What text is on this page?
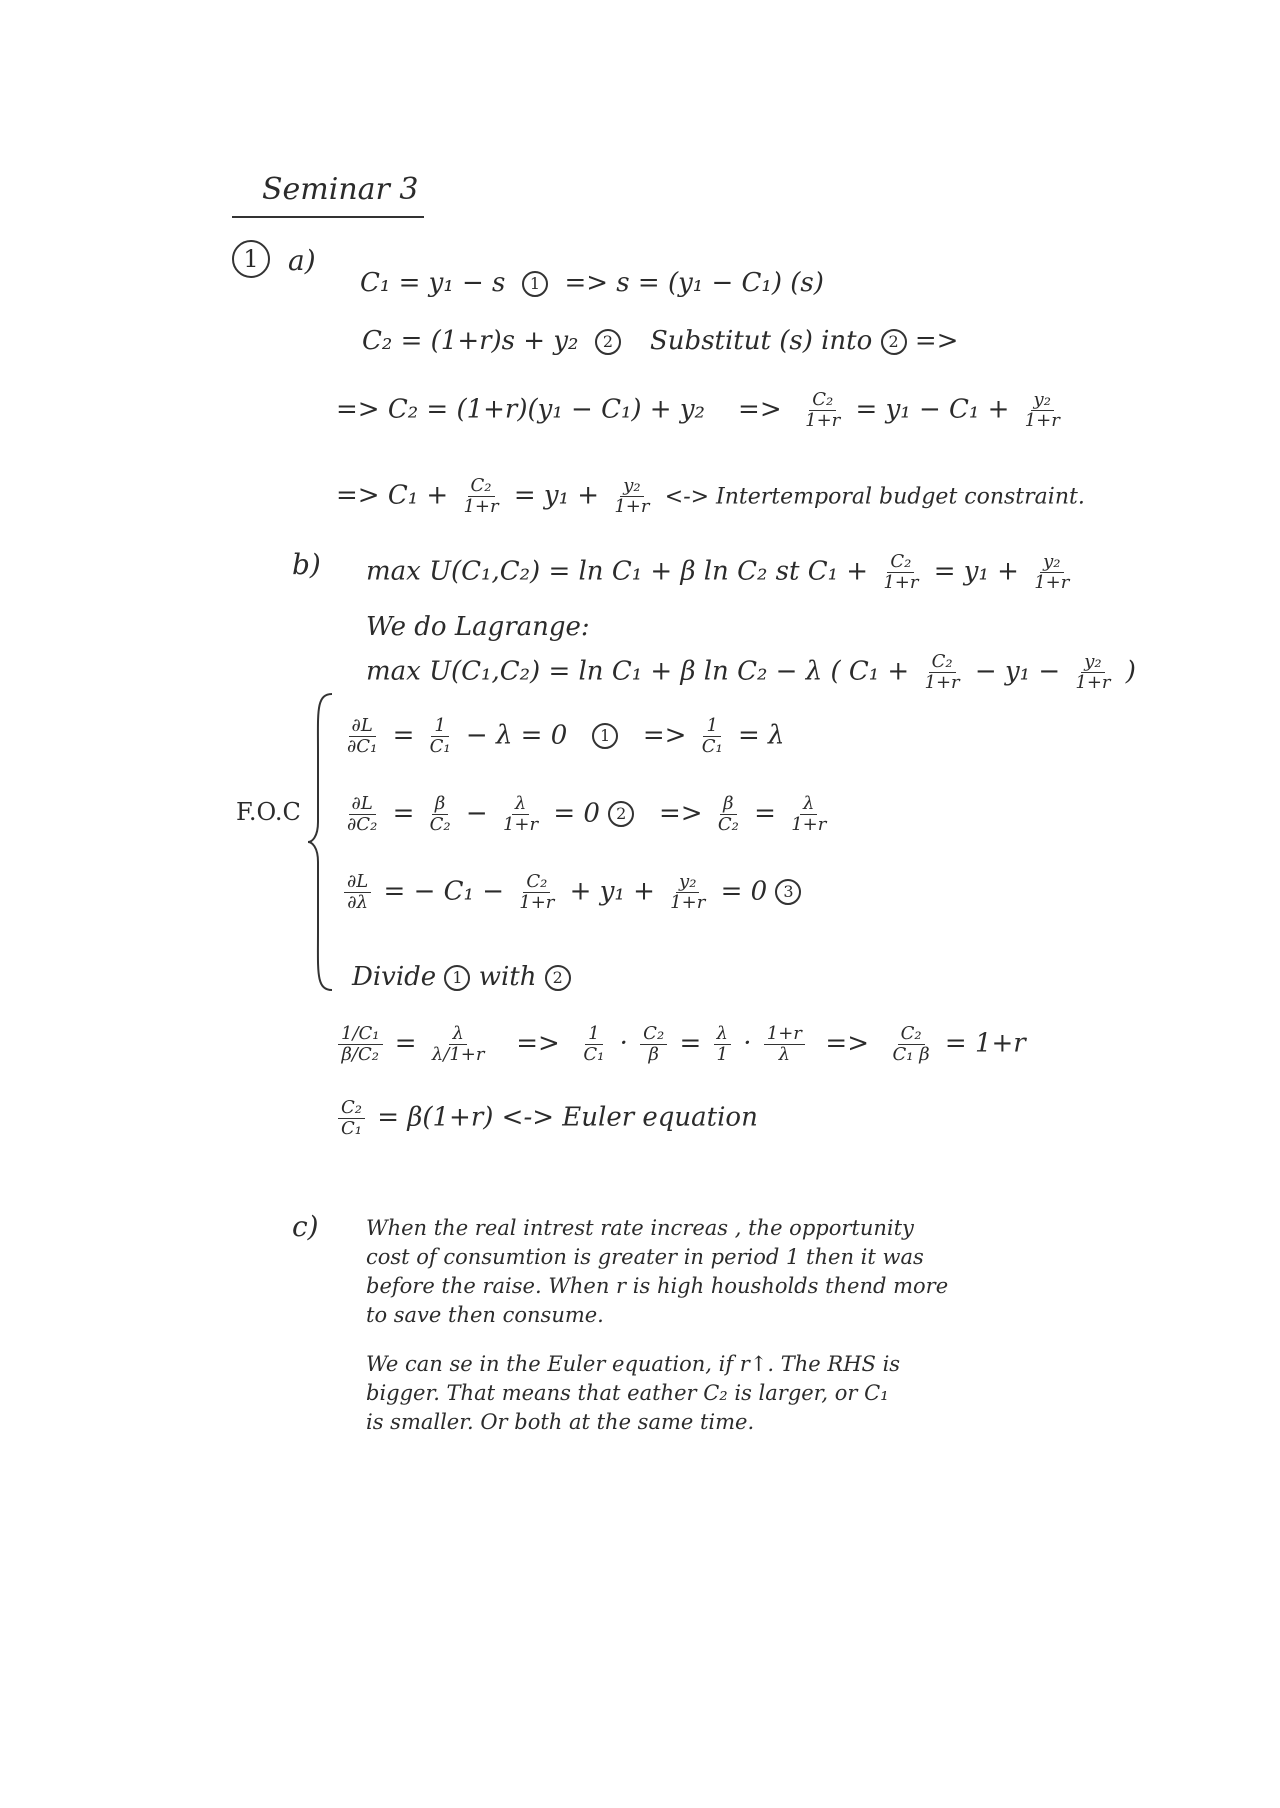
Seminar 3
1	a)
C₁ = y₁ − s 1 => s = (y₁ − C₁) (s)
C₂ = (1+r)s + y₂ 2	Substitut (s) into 2 =>
=> $C_2 = (1+r)(y_1 - C_1) + y_2 => \frac{\text{C₂}}{1+r} = y_1 - C_1 + \frac{\text{y₂}}{1+r}$
=> $C_1 + \frac{\text{C₂}}{1+r} = y_1 + \frac{\text{y₂}}{1+r}$ <-> Intertemporal budget constraint.
b) max U(C₁,C₂) = ln C₁ + β ln C₂ st $C_1 + \frac{\text{C₂}}{1+r} = y_1 + \frac{\text{y₂}}{1+r}$
We do Lagrange:
max U(C₁,C₂) = ln C₁ + β ln C₂ − λ ( $C_1 + \frac{\text{C₂}}{1+r} - y_1 - \frac{\text{y₂}}{1+r}$ )
F.O.C
$\frac{\partial L}{\text{∂C₁}} = \frac{1}{\text{C₁}} - \lambda = 0$ $1 => \frac{1}{\text{C₁}} = \lambda$
$\frac{\partial L}{\text{∂C₂}} = \frac{\beta}{\text{C₂}} - \frac{\lambda}{1+r} = 0$ $2 => \frac{\beta}{\text{C₂}} = \frac{\lambda}{1+r}$
$\frac{\partial L}{\partial\lambda}$ = − $C_1 - \frac{\text{C₂}}{1+r} + y_1 + \frac{\text{y₂}}{1+r} = 0$ 3
Divide 1 with 2
$\frac{\text{1/C₁}}{\text{β/C₂}} = \frac{\lambda}{\lambda/1+r} => \frac{1}{\text{C₁}} \cdot \frac{\text{C₂}}{\beta} = \frac{\lambda}{1} \cdot \frac{1+r}{\lambda} => \frac{\text{C₂}}{\text{C₁ β}} = 1+r$
$\frac{\text{C₂}}{\text{C₁}} = \beta(1+r)$ <-> Euler equation
c) When the real intrest rate increas , the opportunity
cost of consumtion is greater in period 1 then it was
before the raise. When r is high housholds thend more
to save then consume.
We can se in the Euler equation, if r↑. The RHS is
bigger. That means that eather C₂ is larger, or C₁
is smaller. Or both at the same time.
